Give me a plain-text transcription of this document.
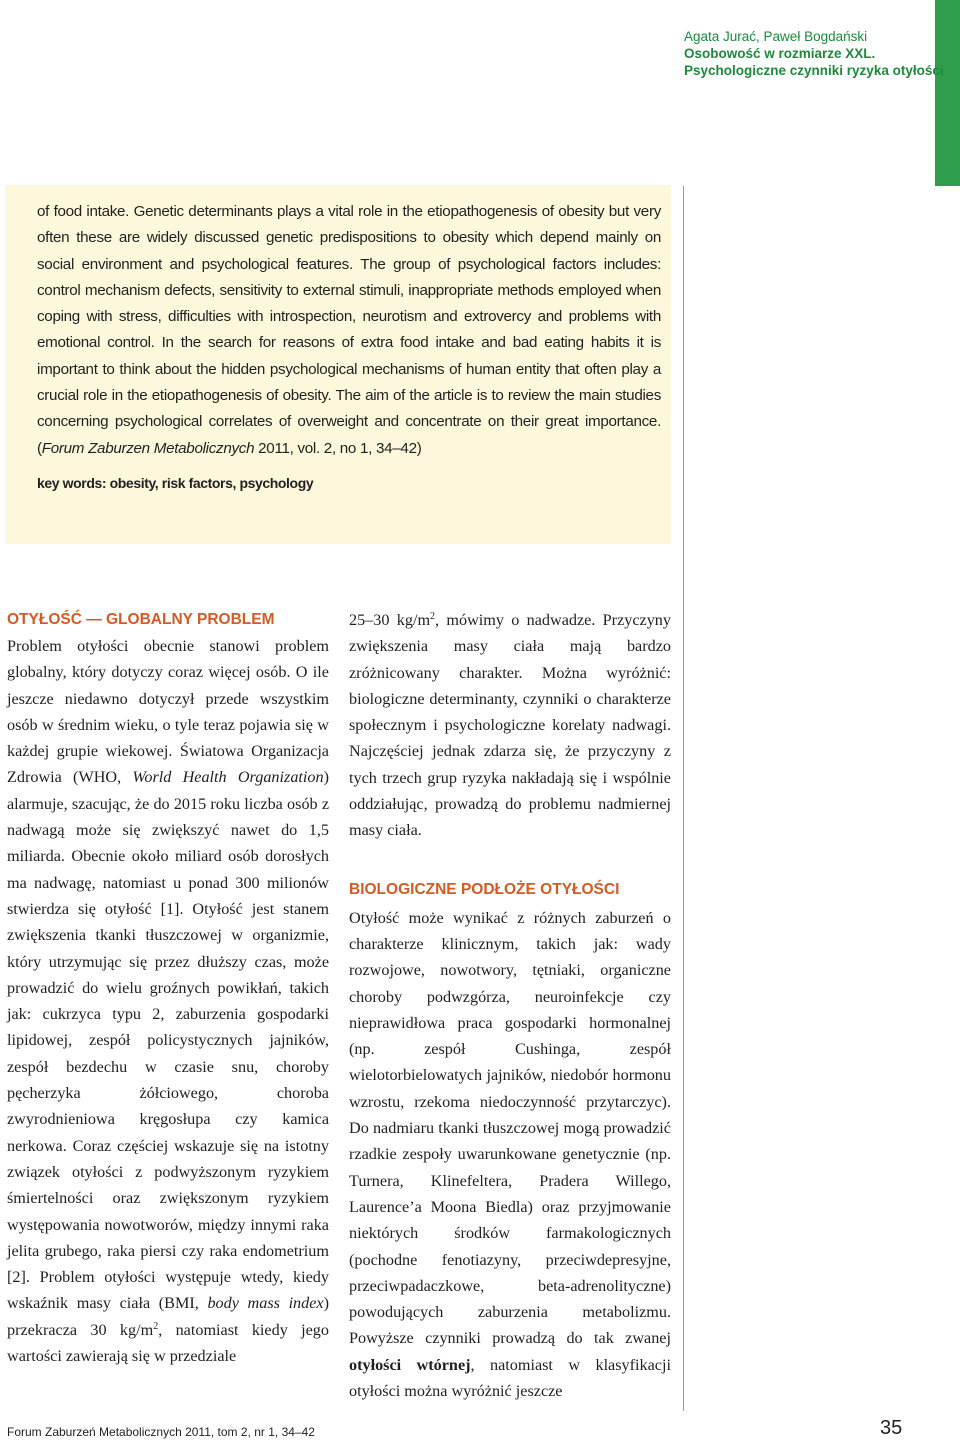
Agata Jurać, Paweł Bogdański
Osobowość w rozmiarze XXL.
Psychologiczne czynniki ryzyka otyłości

of food intake. Genetic determinants plays a vital role in the etiopathogenesis of obesity but very often these are widely discussed genetic predispositions to obesity which depend mainly on social environment and psychological features. The group of psychological factors includes: control mechanism defects, sensitivity to external stimuli, inappropriate methods employed when coping with stress, difficulties with introspection, neurotism and extrovercy and problems with emotional control. In the search for reasons of extra food intake and bad eating habits it is important to think about the hidden psychological mechanisms of human entity that often play a crucial role in the etiopathogenesis of obesity. The aim of the article is to review the main studies concerning psychological correlates of overweight and concentrate on their great importance. (Forum Zaburzen Metabolicznych 2011, vol. 2, no 1, 34–42)

key words: obesity, risk factors, psychology

OTYŁOŚĆ — GLOBALNY PROBLEM

Problem otyłości obecnie stanowi problem globalny, który dotyczy coraz więcej osób. O ile jeszcze niedawno dotyczył przede wszystkim osób w średnim wieku, o tyle teraz pojawia się w każdej grupie wiekowej. Światowa Organizacja Zdrowia (WHO, World Health Organization) alarmuje, szacując, że do 2015 roku liczba osób z nadwagą może się zwiększyć nawet do 1,5 miliarda. Obecnie około miliard osób dorosłych ma nadwagę, natomiast u ponad 300 milionów stwierdza się otyłość [1]. Otyłość jest stanem zwiększenia tkanki tłuszczowej w organizmie, który utrzymując się przez dłuższy czas, może prowadzić do wielu groźnych powikłań, takich jak: cukrzyca typu 2, zaburzenia gospodarki lipidowej, zespół policystycznych jajników, zespół bezdechu w czasie snu, choroby pęcherzyka żółciowego, choroba zwyrodnieniowa kręgosłupa czy kamica nerkowa. Coraz częściej wskazuje się na istotny związek otyłości z podwyższonym ryzykiem śmiertelności oraz zwiększonym ryzykiem występowania nowotworów, między innymi raka jelita grubego, raka piersi czy raka endometrium [2]. Problem otyłości występuje wtedy, kiedy wskaźnik masy ciała (BMI, body mass index) przekracza 30 $kg/m^2$, natomiast kiedy jego wartości zawierają się w przedziale

25–30 $kg/m^2$, mówimy o nadwadze. Przyczyny zwiększenia masy ciała mają bardzo zróżnicowany charakter. Można wyróżnić: biologiczne determinanty, czynniki o charakterze społecznym i psychologiczne korelaty nadwagi. Najczęściej jednak zdarza się, że przyczyny z tych trzech grup ryzyka nakładają się i wspólnie oddziałując, prowadzą do problemu nadmiernej masy ciała.

BIOLOGICZNE PODŁOŻE OTYŁOŚCI

Otyłość może wynikać z różnych zaburzeń o charakterze klinicznym, takich jak: wady rozwojowe, nowotwory, tętniaki, organiczne choroby podwzgórza, neuroinfekcje czy nieprawidłowa praca gospodarki hormonalnej (np. zespół Cushinga, zespół wielotorbielowatych jajników, niedobór hormonu wzrostu, rzekoma niedoczynność przytarczyc). Do nadmiaru tkanki tłuszczowej mogą prowadzić rzadkie zespoły uwarunkowane genetycznie (np. Turnera, Klinefeltera, Pradera Willego, Laurence’a Moona Biedla) oraz przyjmowanie niektórych środków farmakologicznych (pochodne fenotiazyny, przeciwdepresyjne, przeciwpadaczkowe, beta-adrenolityczne) powodujących zaburzenia metabolizmu. Powyższe czynniki prowadzą do tak zwanej otyłości wtórnej, natomiast w klasyfikacji otyłości można wyróżnić jeszcze

Forum Zaburzeń Metabolicznych 2011, tom 2, nr 1, 34–42	35
